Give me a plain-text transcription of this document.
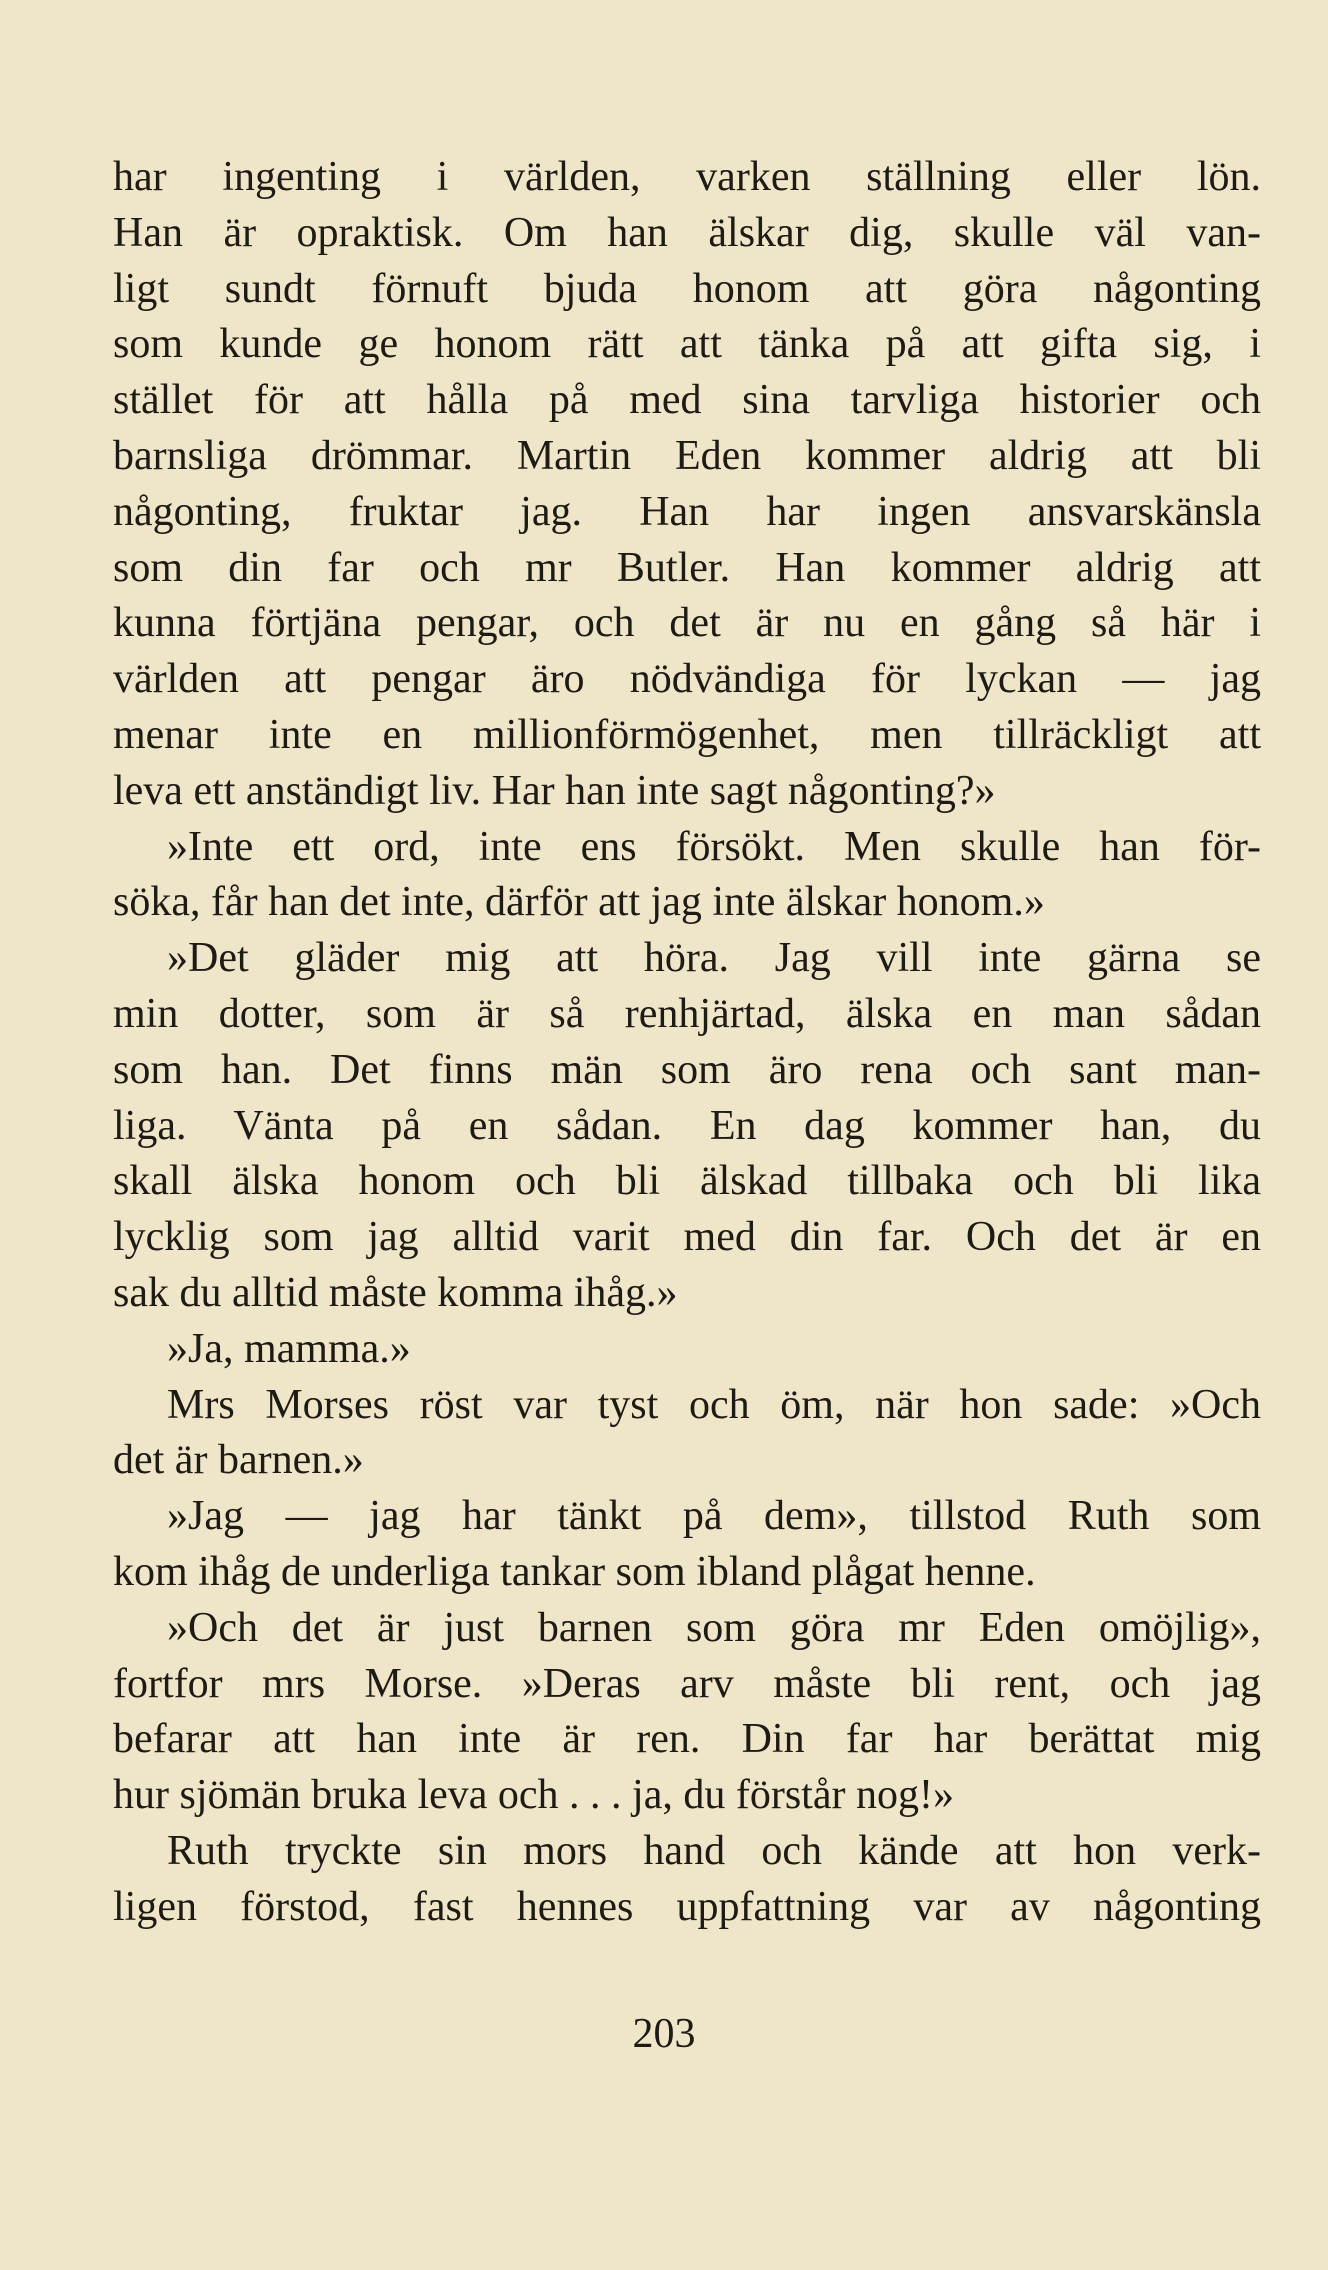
har ingenting i världen, varken ställning eller lön.
Han är opraktisk. Om han älskar dig, skulle väl van-
ligt sundt förnuft bjuda honom att göra någonting
som kunde ge honom rätt att tänka på att gifta sig, i
stället för att hålla på med sina tarvliga historier och
barnsliga drömmar. Martin Eden kommer aldrig att bli
någonting, fruktar jag. Han har ingen ansvarskänsla
som din far och mr Butler. Han kommer aldrig att
kunna förtjäna pengar, och det är nu en gång så här i
världen att pengar äro nödvändiga för lyckan — jag
menar inte en millionförmögenhet, men tillräckligt att
leva ett anständigt liv. Har han inte sagt någonting?»
»Inte ett ord, inte ens försökt. Men skulle han för-
söka, får han det inte, därför att jag inte älskar honom.»
»Det gläder mig att höra. Jag vill inte gärna se
min dotter, som är så renhjärtad, älska en man sådan
som han. Det finns män som äro rena och sant man-
liga. Vänta på en sådan. En dag kommer han, du
skall älska honom och bli älskad tillbaka och bli lika
lycklig som jag alltid varit med din far. Och det är en
sak du alltid måste komma ihåg.»
»Ja, mamma.»
Mrs Morses röst var tyst och öm, när hon sade: »Och
det är barnen.»
»Jag — jag har tänkt på dem», tillstod Ruth som
kom ihåg de underliga tankar som ibland plågat henne.
»Och det är just barnen som göra mr Eden omöjlig»,
fortfor mrs Morse. »Deras arv måste bli rent, och jag
befarar att han inte är ren. Din far har berättat mig
hur sjömän bruka leva och . . . ja, du förstår nog!»
Ruth tryckte sin mors hand och kände att hon verk-
ligen förstod, fast hennes uppfattning var av någonting
203
